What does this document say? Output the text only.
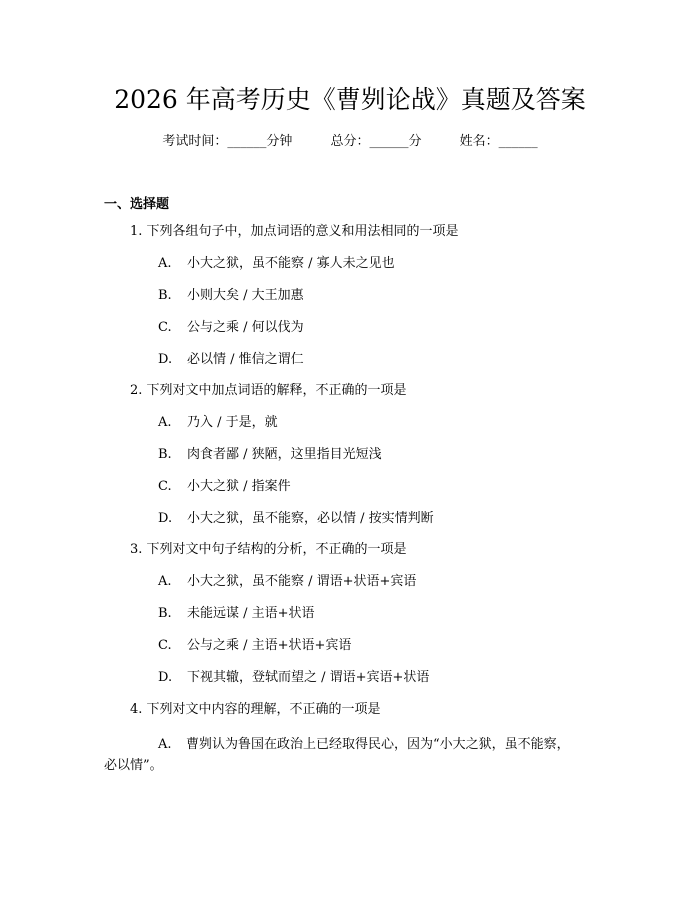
2026 年高考历史《曹刿论战》真题及答案
考试时间：______分钟	总分：______分	姓名：______
一、选择题
1. 下列各组句子中，加点词语的意义和用法相同的一项是
A. 小大之狱，虽不能察 / 寡人未之见也
B. 小则大矣 / 大王加惠
C. 公与之乘 / 何以伐为
D. 必以情 / 惟信之谓仁
2. 下列对文中加点词语的解释，不正确的一项是
A. 乃入 / 于是，就
B. 肉食者鄙 / 狭陋，这里指目光短浅
C. 小大之狱 / 指案件
D. 小大之狱，虽不能察，必以情 / 按实情判断
3. 下列对文中句子结构的分析，不正确的一项是
A. 小大之狱，虽不能察 / 谓语+状语+宾语
B. 未能远谋 / 主语+状语
C. 公与之乘 / 主语+状语+宾语
D. 下视其辙，登轼而望之 / 谓语+宾语+状语
4. 下列对文中内容的理解，不正确的一项是
A. 曹刿认为鲁国在政治上已经取得民心，因为“小大之狱，虽不能察，
必以情”。
